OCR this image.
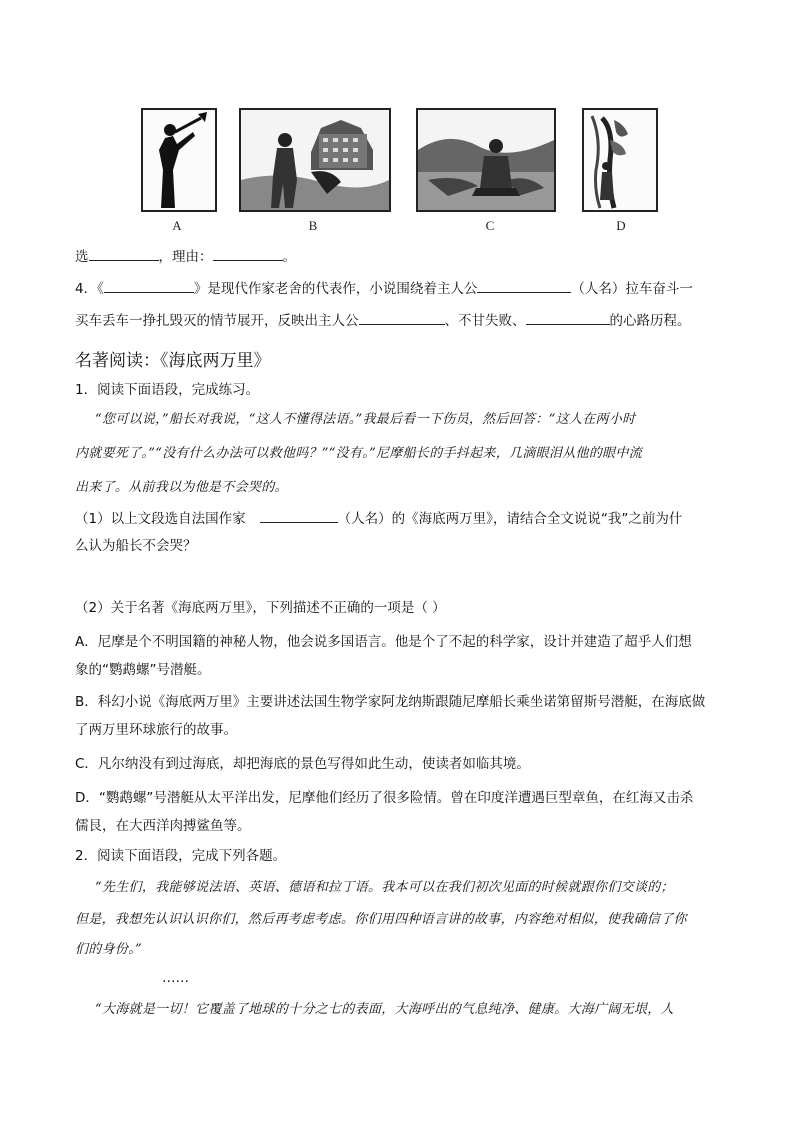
A	B	C	D
选	，理由：	。
4．《	》是现代作家老舍的代表作，小说围绕着主人公	（人名）拉车奋斗一
买车丢车一挣扎毁灭的情节展开，反映出主人公	、不甘失败、	的心路历程。
名著阅读：《海底两万里》
1．阅读下面语段，完成练习。
“您可以说，”船长对我说，“这人不懂得法语。”我最后看一下伤员，然后回答：“这人在两小时
内就要死了。”“没有什么办法可以救他吗？”“没有。”尼摩船长的手抖起来，几滴眼泪从他的眼中流
出来了。从前我以为他是不会哭的。
（1）以上文段选自法国作家	（人名）的《海底两万里》，请结合全文说说“我”之前为什
么认为船长不会哭？
（2）关于名著《海底两万里》，下列描述不正确的一项是（ ）
A．尼摩是个不明国籍的神秘人物，他会说多国语言。他是个了不起的科学家，设计并建造了超乎人们想
象的“鹦鹉螺”号潜艇。
B．科幻小说《海底两万里》主要讲述法国生物学家阿龙纳斯跟随尼摩船长乘坐诺第留斯号潜艇，在海底做
了两万里环球旅行的故事。
C．凡尔纳没有到过海底，却把海底的景色写得如此生动，使读者如临其境。
D．“鹦鹉螺”号潜艇从太平洋出发，尼摩他们经历了很多险情。曾在印度洋遭遇巨型章鱼，在红海又击杀
儒艮，在大西洋肉搏鲨鱼等。
2．阅读下面语段，完成下列各题。
“先生们，我能够说法语、英语、德语和拉丁语。我本可以在我们初次见面的时候就跟你们交谈的；
但是，我想先认识认识你们，然后再考虑考虑。你们用四种语言讲的故事，内容绝对相似，使我确信了你
们的身份。”
……
“大海就是一切！它覆盖了地球的十分之七的表面，大海呼出的气息纯净、健康。大海广阔无垠，人
